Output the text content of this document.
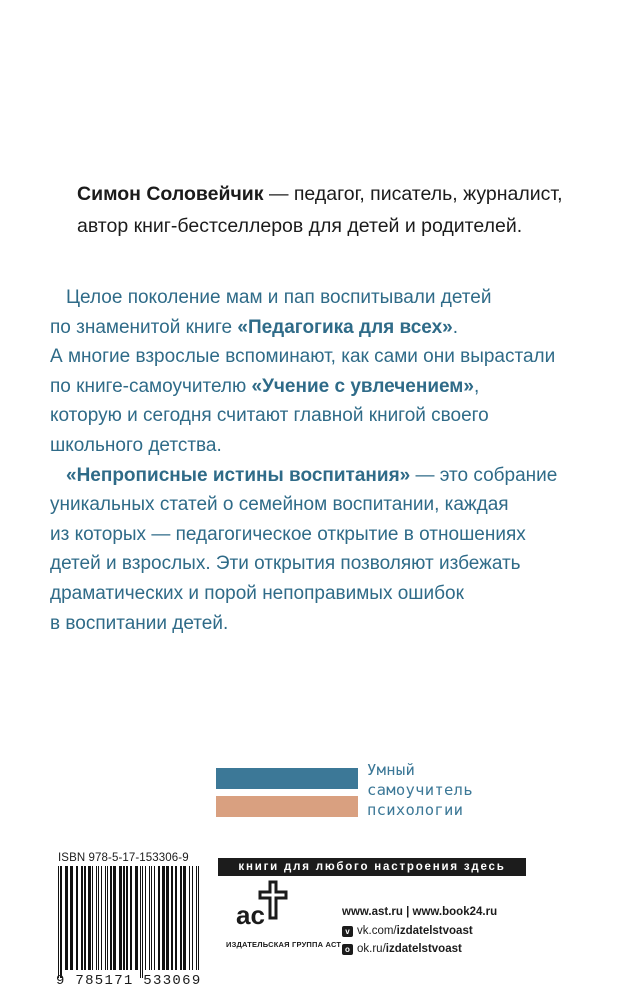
Симон Соловейчик — педагог, писатель, журналист,
автор книг-бестселлеров для детей и родителей.
Целое поколение мам и пап воспитывали детей
по знаменитой книге «Педагогика для всех».
А многие взрослые вспоминают, как сами они вырастали
по книге-самоучителю «Учение с увлечением»,
которую и сегодня считают главной книгой своего
школьного детства.
«Непрописные истины воспитания» — это собрание
уникальных статей о семейном воспитании, каждая
из которых — педагогическое открытие в отношениях
детей и взрослых. Эти открытия позволяют избежать
драматических и порой непоправимых ошибок
в воспитании детей.
Умный
самоучитель
психологии
ISBN 978-5-17-153306-9
9 785171 533069
книги для любого настроения здесь
ac
ИЗДАТЕЛЬСКАЯ ГРУППА АСТ
www.ast.ru | www.book24.ru
v vk.com/ izdatelstvoast
o ok.ru/ izdatelstvoast
